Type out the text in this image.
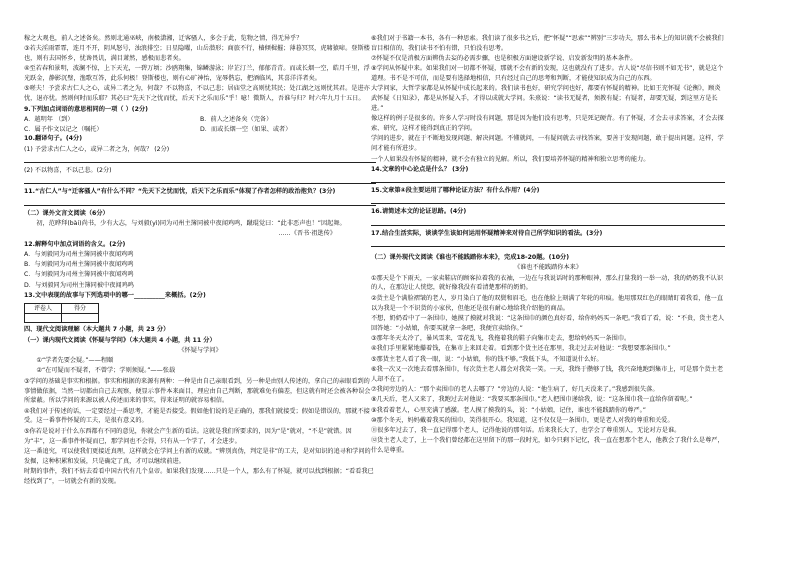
稼之大观也，前人之述备矣。然则北通巫峡，南极潇湘，迁客骚人，多会于此，览物之情，得无异乎？
③若夫淫雨霏霏，连月不开，阴风怒号，浊浪排空；日星隐曜，山岳潜形；商旅不行，樯倾楫摧；薄暮冥冥，虎啸猿啼。登斯楼也，则有去国怀乡，忧谗畏讥，满目萧然，感极而悲者矣。
④至若春和景明，波澜不惊，上下天光，一碧万顷；沙鸥翔集，锦鳞游泳；岸芷汀兰，郁郁青青。而或长烟一空，皓月千里，浮光跃金，静影沉璧，渔歌互答，此乐何极！登斯楼也，则有心旷神怡，宠辱偕忘，把酒临风，其喜洋洋者矣。
⑤嗟夫！予尝求古仁人之心，或异二者之为，何哉？不以物喜，不以己悲；居庙堂之高则忧其民；处江湖之远则忧其君。是进亦忧，退亦忧。然则何时而乐耶？其必曰“先天下之忧而忧，后天下之乐而乐”乎！噫！微斯人，吾谁与归？时六年九月十五日。
9.下列加点词语的意思相同的一项（ ）(2分)
A．越明年 （到）	B．前人之述备矣（完备）
C．属予作文以记之（嘱托）	D．而或长烟一空（如果、或者）
10.翻译句子。(4分)
(1) 予尝求古仁人之心，或异二者之为，何哉？ (2分)
(2) 不以物喜，不以己悲。(2分)
11.“古仁人”与“迁客骚人”有什么不同？“先天下之忧而忧，后天下之乐而乐”体现了作者怎样的政治抱负？(3分)
（二）课外文言文阅读（6分）
初，范晔拜(bài)尚书，少有大志，与刘毅(yì)同为司州主簿同被中夜闻鸡鸣，蹴琨觉曰：“此非恶声也！”因起舞。
……《晋书·祖逖传》
12.解释句中加点词语的含义。(2分)
A．与刘毅同为司州主簿同被中夜闻鸡鸣
B．与刘毅同为司州主簿同被中夜闻鸡鸣
C．与刘毅同为司州主簿同被中夜闻鸡鸣
D．与刘毅同为司州主簿同被中夜闻鸡鸣
13.文中表现的故事与下列选项中的哪一__________来概括。(2分)
评卷人	得分

四、现代文阅读理解（本大题共 7 小题，共 23 分）
（一）课内现代文阅读《怀疑与学问》（本大题共 4 小题，共 11 分）
《怀疑与学问》
①“学者先要会疑。”——程颐
②“在可疑而不疑者，不曾学；学则须疑。”——张载
③学问的基础是事实和根据。事实和根据的来源有两种：一种是由自己亲眼看到，另一种是由别人传述的，拿自己的亲眼看到的事情做依据，当然一切都由自己去观察，便显示事件本来面目，理应由自己判断，那就难免有偏差，但这就有时还会被各种误会所蒙蔽。所以学问的来源以被人传述而来的事实，得来证明的就容易相信。
④我们对于传述的话，一定要经过一番思考，才能是否接受。假如他们说的是正确的，那我们就接受；假如是错误的，那就不接受。这一番事件怀疑的工夫，是很有意义的。
⑤你若是说对于什么东西都有不同的意见，你就会产生新的看法。这就是我们所要求的，因为“是”就对，“不是”就错。因为“丰”，这一番事件怀疑而已，那学问也不会得，只有从一个学了，才会进步。
这一番追究，可以使我们更接近真理，这样就会在学问上有新的成就。“辨别真伪，判定是非”的工夫，是对知识的追寻和学问的发掘，这种积累和发展，只是确定了真，才可以继续前进。
时期的事件，我们不妨去看看中国古代有几个皇帝。如果我们发现……只是一个人，那么有了怀疑，就可以找到根据；“看看我已经找到了”，一切就会有新的发现。
⑥我们对于书籍一本书，各有一种思索。我们读了很多书之后，把“怀疑”“思索”“辨别”三步功夫，那么书本上的知识就不会被我们盲目相信的，我们读书不怕有错，只怕没有思考。
⑦怀疑不仅是消极方面辨伪去妄的必需步骤，也是积极方面建设新学说、启发新发明的基本条件。
⑧学问从怀疑中来。如果我们对一切都不怀疑，那就不会有新的发现，这也就没有了进步。古人说“尽信书则不如无书”，就是这个道理。书不是不可信，而是要有选择地相信，只有经过自己的思考和判断，才能使知识成为自己的东西。
大学问家，大哲学家都是从怀疑中成长起来的。我们读书也好，研究学问也好，都要有怀疑的精神。比如王充怀疑《论衡》，顾炎武怀疑《日知录》，都是从怀疑入手，才得以成就大学问。朱熹说：“读书无疑者，须教有疑；有疑者，却要无疑，到这里方是长进。”
像这样的例子是很多的。许多人学习时没有问题，那是因为他们没有思考，只是死记硬背。有了怀疑，才会去寻求答案，才会去探索、研究，这样才能得到真正的学问。
学问的进步，就在于不断地发现问题、解决问题。不懂就问，一有疑问就去寻找答案，要善于发现问题，敢于提出问题。这样，学问才能有所进步。
一个人如果没有怀疑的精神，就不会有独立的见解。所以，我们要培养怀疑的精神和独立思考的能力。
14.文章的中心论点是什么？ (3分)
15.文章第④段主要运用了哪种论证方法？有什么作用？(4分)
16.请简述本文的论证思路。(4分)
17.结合生活实际，谈谈学生该如何运用怀疑精神来对待自己所学知识的看法。(3分)
（二）课外现代文阅读《谁也不能践踏你本来》，完成18-20题。(10分)
《谁也不能践踏你本来》
①那天是个下雨天，一家卖鞋店的顾客拉着我的衣袖，一边在与我说话时的那种眼神，那么打量我的一举一动，我的奶奶我不认识的人，在那边让人恍惚，就好像我没有看清楚那样的奶奶。
②货主是个满脸褶皱的老人，岁月染白了他的双鬓和眉毛，也在他脸上刻满了年轮的印痕。他用那双红色的眼睛盯着我看，他一直以为我是一个不识货的小家伙，但他还是很有耐心地给我介绍他的商品。
不想，奶奶看中了一条围巾，她摸了摸就对我说：“这条围巾的颜色真好看，给你妈妈买一条吧。”我看了看，说：“不贵，货主老人回答她：“小姑娘，你要买就拿一条吧，我便宜卖给你。”
③那年冬天太冷了，暴风雪来，雪花乱飞，我拖着我的鞋子向集市走去，想给妈妈买一条围巾。
④我们手里紧紧地攥着钱，在集市上来回走着。看到那个货主还在那里，我走过去对他说：“我想要那条围巾。”
⑤那货主老人看了我一眼，说：“小姑娘，你的钱不够。”我低下头，不知道说什么好。
⑥我一次又一次地去看那条围巾，每次货主老人都会对我笑一笑。一天，我终于攒够了钱，我兴奋地跑到集市上，可是那个货主老人却不在了。
⑦我问旁边的人：“那个卖围巾的老人去哪了？”旁边的人说：“他生病了，好几天没来了。”我感到很失落。
⑧几天后，老人又来了，我跑过去对他说：“我要买那条围巾。”老人把围巾递给我，说：“这条围巾我一直给你留着呢。”
⑨我看着老人，心里充满了感激。老人摸了摸我的头，说：“小姑娘，记住，谁也不能践踏你的尊严。”
⑩那个冬天，妈妈戴着我买的围巾，笑得很开心。我知道，这不仅仅是一条围巾，更是老人对我的尊重和关爱。
⑪很多年过去了，我一直记得那个老人，记得他说的那句话。后来我长大了，也学会了尊重别人，无论对方是谁。
⑫货主老人走了，上一个我们曾经都在这里留下的那一段时光，如今只剩下记忆，我一直在想那个老人，他教会了我什么是尊严，什么是尊重。
